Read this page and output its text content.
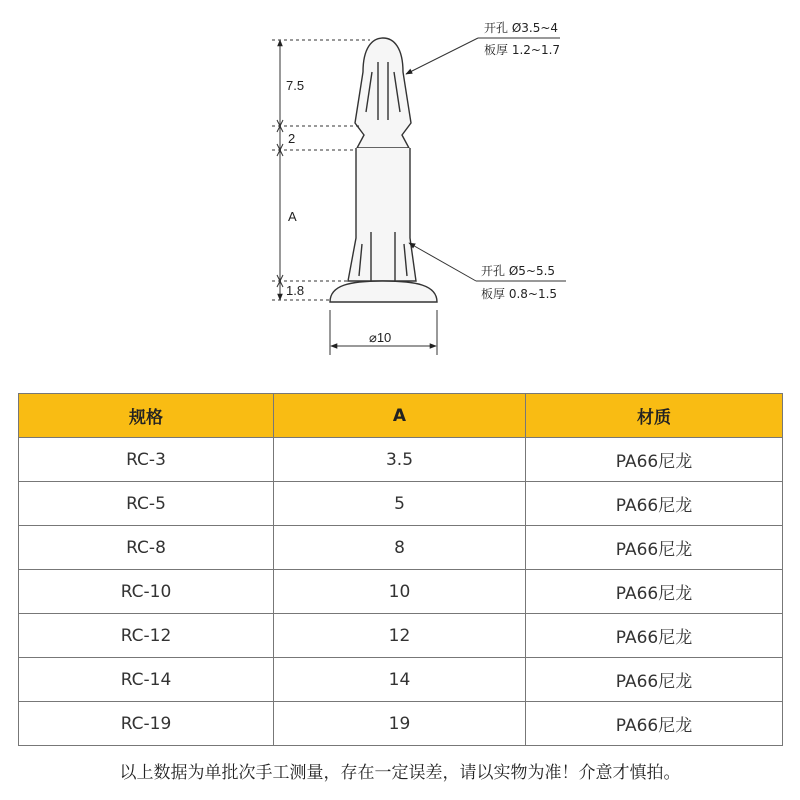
7.5
2
A
1.8
⌀10
开孔 Ø3.5~4
板厚 1.2~1.7
开孔 Ø5~5.5
板厚 0.8~1.5
规格	A	材质
RC-3	3.5	PA66尼龙
RC-5	5	PA66尼龙
RC-8	8	PA66尼龙
RC-10	10	PA66尼龙
RC-12	12	PA66尼龙
RC-14	14	PA66尼龙
RC-19	19	PA66尼龙
以上数据为单批次手工测量，存在一定误差，请以实物为准！介意才慎拍。
